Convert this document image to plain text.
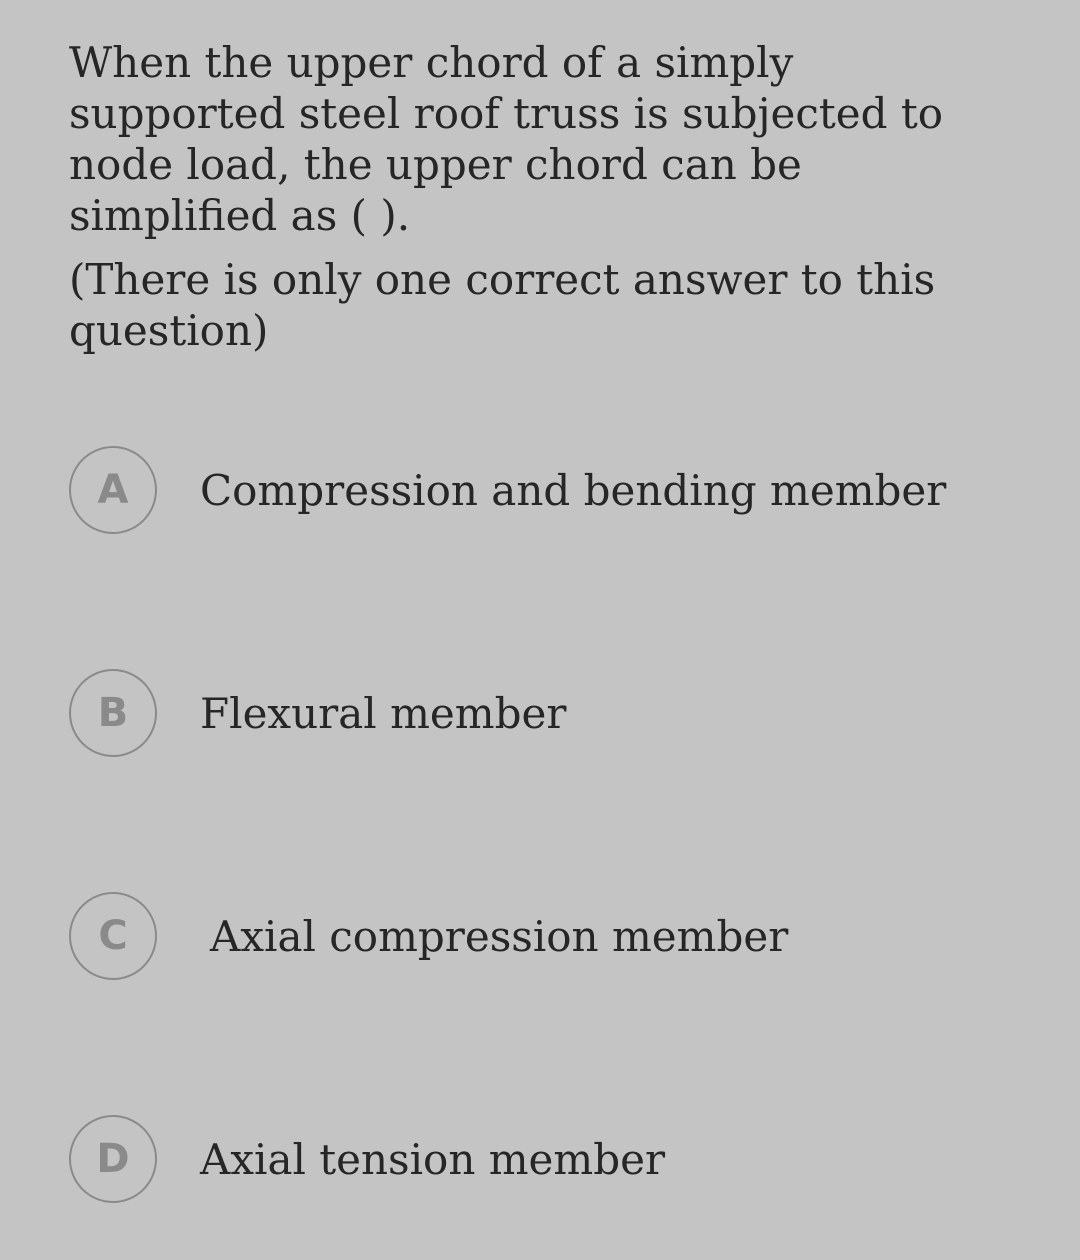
When the upper chord of a simply supported steel roof truss is subjected to node load, the upper chord can be simplified as ( ).

(There is only one correct answer to this question)

A	Compression and bending member
B	Flexural member
C	Axial compression member
D	Axial tension member
